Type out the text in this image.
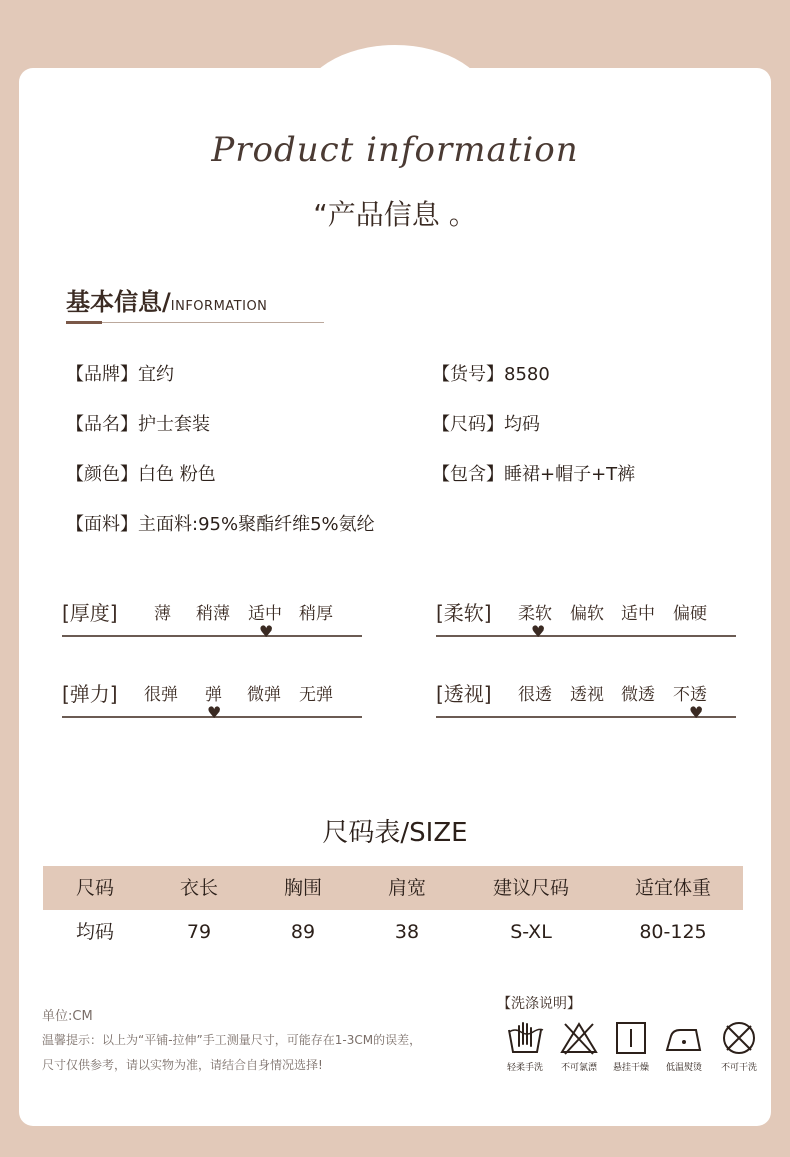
Product information
“产品信息 。
基本信息/INFORMATION
【品牌】宜约	【货号】8580
【品名】护士套装	【尺码】均码
【颜色】白色 粉色	【包含】睡裙+帽子+T裤
【面料】主面料:95%聚酯纤维5%氨纶
[厚度] 薄 稍薄 适中 稍厚
♥
[柔软] 柔软 偏软 适中 偏硬
♥
[弹力] 很弹 弹 微弹 无弹
♥
[透视] 很透 透视 微透 不透
♥
尺码表/SIZE
尺码	衣长	胸围	肩宽	建议尺码	适宜体重
均码	79	89	38	S-XL	80-125
单位:CM
温馨提示：以上为“平铺-拉伸”手工测量尺寸，可能存在1-3CM的误差，
尺寸仅供参考，请以实物为准，请结合自身情况选择!
【洗涤说明】
轻柔手洗	不可氯漂	悬挂干燥	低温熨烫	不可干洗
